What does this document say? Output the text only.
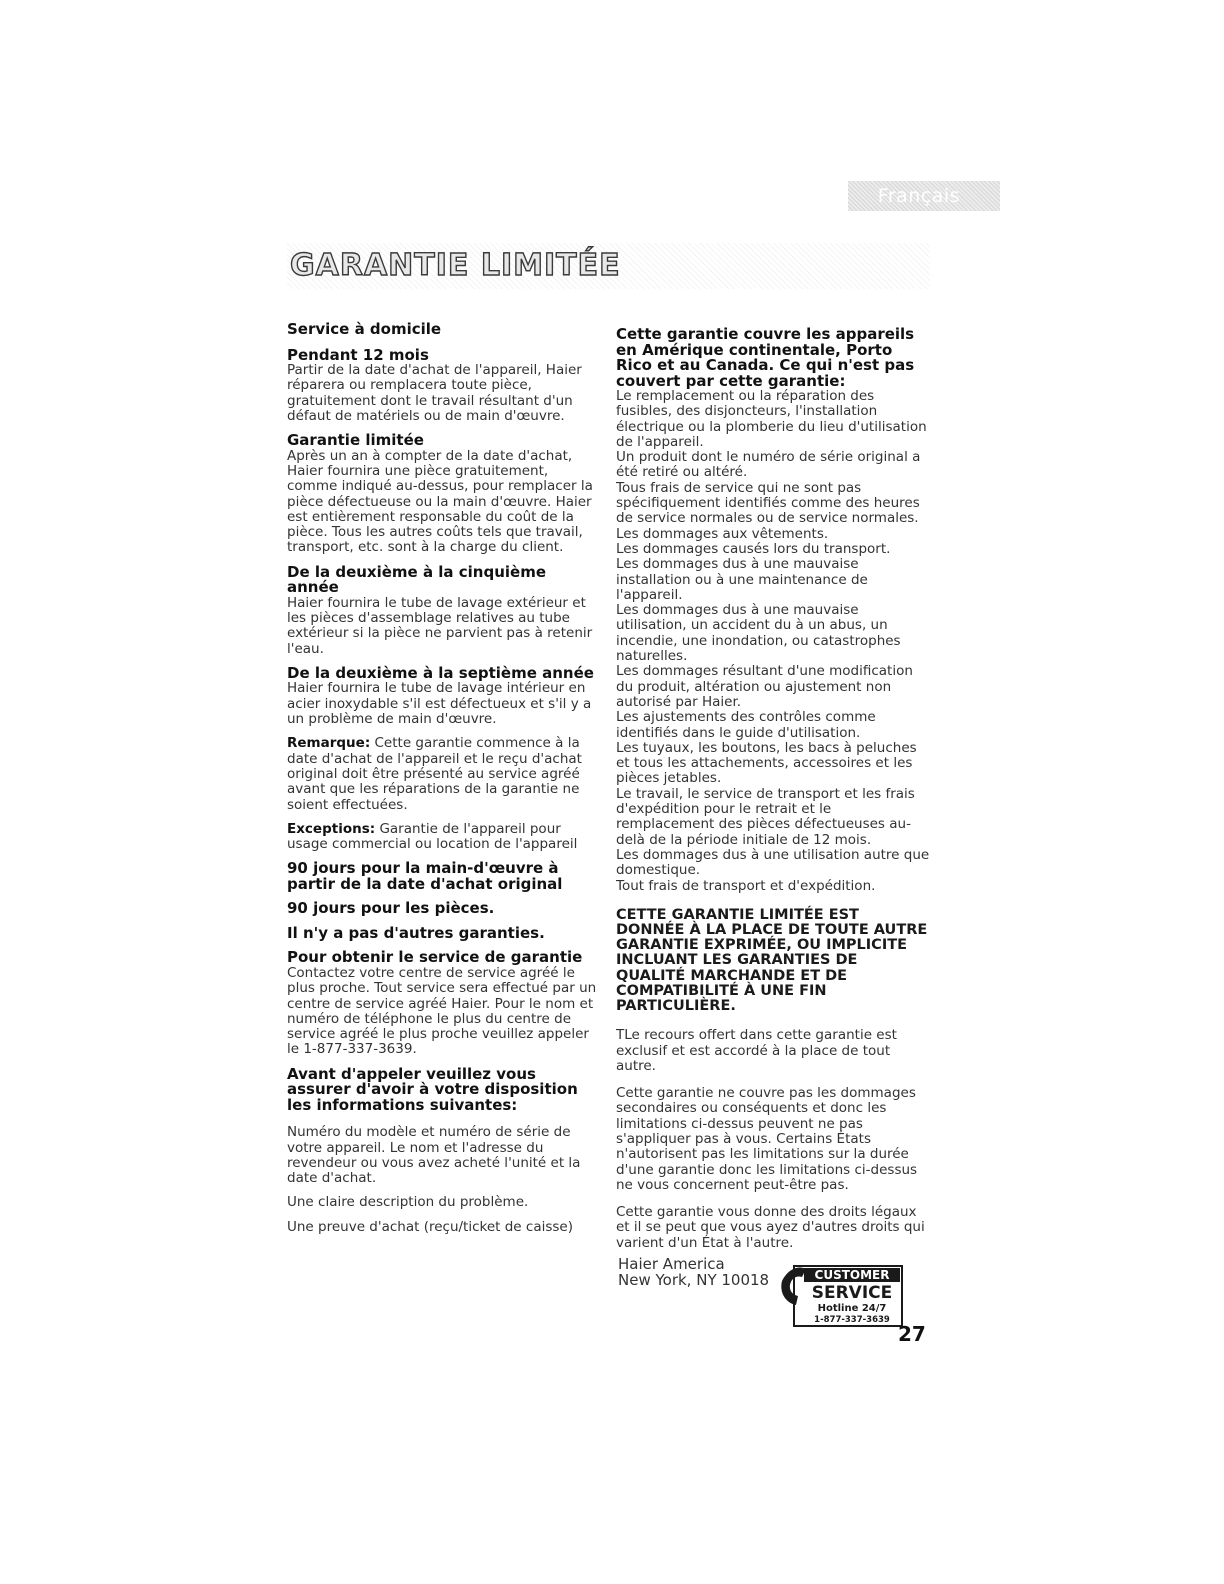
Français
GARANTIE LIMITÉE
Service à domicile
Pendant 12 mois
Partir de la date d'achat de l'appareil, Haier réparera ou remplacera toute pièce, gratuitement dont le travail résultant d'un défaut de matériels ou de main d'œuvre.
Garantie limitée
Après un an à compter de la date d'achat, Haier fournira une pièce gratuitement, comme indiqué au-dessus, pour remplacer la pièce défectueuse ou la main d'œuvre. Haier est entièrement responsable du coût de la pièce. Tous les autres coûts tels que travail, transport, etc. sont à la charge du client.
De la deuxième à la cinquième année
Haier fournira le tube de lavage extérieur et les pièces d'assemblage relatives au tube extérieur si la pièce ne parvient pas à retenir l'eau.
De la deuxième à la septième année
Haier fournira le tube de lavage intérieur en acier inoxydable s'il est défectueux et s'il y a un problème de main d'œuvre.
Remarque: Cette garantie commence à la date d'achat de l'appareil et le reçu d'achat original doit être présenté au service agréé avant que les réparations de la garantie ne soient effectuées.
Exceptions: Garantie de l'appareil pour usage commercial ou location de l'appareil
90 jours pour la main-d'œuvre à partir de la date d'achat original
90 jours pour les pièces.
Il n'y a pas d'autres garanties.
Pour obtenir le service de garantie
Contactez votre centre de service agréé le plus proche. Tout service sera effectué par un centre de service agréé Haier. Pour le nom et numéro de téléphone le plus du centre de service agréé le plus proche veuillez appeler le 1-877-337-3639.
Avant d'appeler veuillez vous assurer d'avoir à votre disposition les informations suivantes:
Numéro du modèle et numéro de série de votre appareil. Le nom et l'adresse du revendeur ou vous avez acheté l'unité et la date d'achat.
Une claire description du problème.
Une preuve d'achat (reçu/ticket de caisse)
Cette garantie couvre les appareils en Amérique continentale, Porto Rico et au Canada. Ce qui n'est pas couvert par cette garantie:
Le remplacement ou la réparation des fusibles, des disjoncteurs, l'installation électrique ou la plomberie du lieu d'utilisation de l'appareil.
Un produit dont le numéro de série original a été retiré ou altéré.
Tous frais de service qui ne sont pas spécifiquement identifiés comme des heures de service normales ou de service normales.
Les dommages aux vêtements.
Les dommages causés lors du transport.
Les dommages dus à une mauvaise installation ou à une maintenance de l'appareil.
Les dommages dus à une mauvaise utilisation, un accident du à un abus, un incendie, une inondation, ou catastrophes naturelles.
Les dommages résultant d'une modification du produit, altération ou ajustement non autorisé par Haier.
Les ajustements des contrôles comme identifiés dans le guide d'utilisation.
Les tuyaux, les boutons, les bacs à peluches et tous les attachements, accessoires et les pièces jetables.
Le travail, le service de transport et les frais d'expédition pour le retrait et le remplacement des pièces défectueuses au-delà de la période initiale de 12 mois.
Les dommages dus à une utilisation autre que domestique.
Tout frais de transport et d'expédition.
CETTE GARANTIE LIMITÉE EST DONNÉE À LA PLACE DE TOUTE AUTRE GARANTIE EXPRIMÉE, OU IMPLICITE INCLUANT LES GARANTIES DE QUALITÉ MARCHANDE ET DE COMPATIBILITÉ À UNE FIN PARTICULIÈRE.
TLe recours offert dans cette garantie est exclusif et est accordé à la place de tout autre.
Cette garantie ne couvre pas les dommages secondaires ou conséquents et donc les limitations ci-dessus peuvent ne pas s'appliquer pas à vous. Certains États n'autorisent pas les limitations sur la durée d'une garantie donc les limitations ci-dessus ne vous concernent peut-être pas.
Cette garantie vous donne des droits légaux et il se peut que vous ayez d'autres droits qui varient d'un État à l'autre.
Haier America
New York, NY 10018	CUSTOMER
SERVICE
Hotline 24/7
1-877-337-3639
27
